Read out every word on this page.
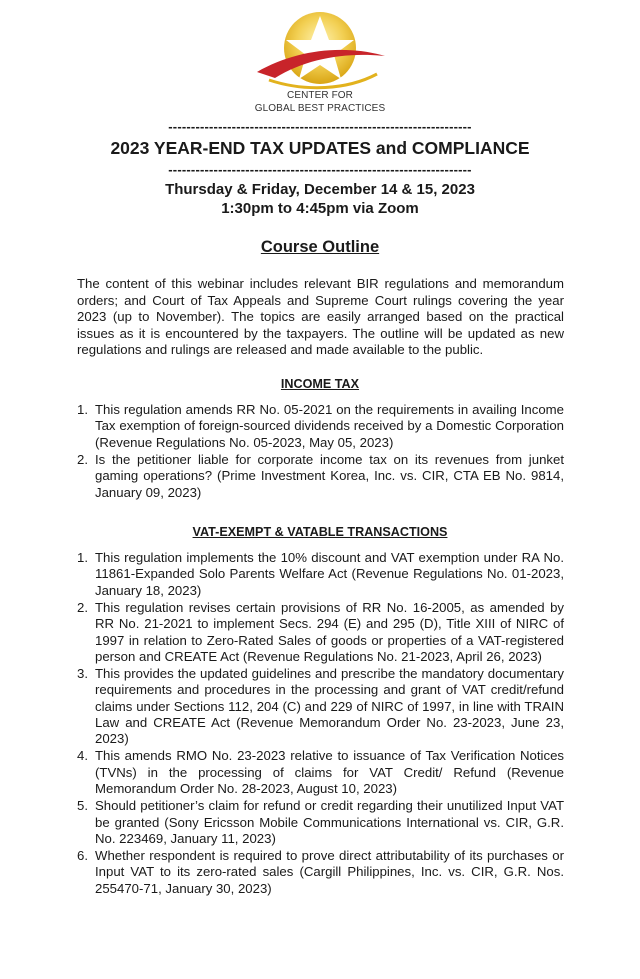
CENTER FOR
GLOBAL BEST PRACTICES
-------------------------------------------------------------------
2023 YEAR-END TAX UPDATES and COMPLIANCE
-------------------------------------------------------------------
Thursday & Friday, December 14 & 15, 2023
1:30pm to 4:45pm via Zoom
Course Outline
The content of this webinar includes relevant BIR regulations and memorandum orders; and Court of Tax Appeals and Supreme Court rulings covering the year 2023 (up to November). The topics are easily arranged based on the practical issues as it is encountered by the taxpayers. The outline will be updated as new regulations and rulings are released and made available to the public.
INCOME TAX
1. This regulation amends RR No. 05-2021 on the requirements in availing Income Tax exemption of foreign-sourced dividends received by a Domestic Corporation (Revenue Regulations No. 05-2023, May 05, 2023)
2. Is the petitioner liable for corporate income tax on its revenues from junket gaming operations? (Prime Investment Korea, Inc. vs. CIR, CTA EB No. 9814, January 09, 2023)
VAT-EXEMPT & VATABLE TRANSACTIONS
1. This regulation implements the 10% discount and VAT exemption under RA No. 11861-Expanded Solo Parents Welfare Act (Revenue Regulations No. 01-2023, January 18, 2023)
2. This regulation revises certain provisions of RR No. 16-2005, as amended by RR No. 21-2021 to implement Secs. 294 (E) and 295 (D), Title XIII of NIRC of 1997 in relation to Zero-Rated Sales of goods or properties of a VAT-registered person and CREATE Act (Revenue Regulations No. 21-2023, April 26, 2023)
3. This provides the updated guidelines and prescribe the mandatory documentary requirements and procedures in the processing and grant of VAT credit/refund claims under Sections 112, 204 (C) and 229 of NIRC of 1997, in line with TRAIN Law and CREATE Act (Revenue Memorandum Order No. 23-2023, June 23, 2023)
4. This amends RMO No. 23-2023 relative to issuance of Tax Verification Notices (TVNs) in the processing of claims for VAT Credit/ Refund (Revenue Memorandum Order No. 28-2023, August 10, 2023)
5. Should petitioner’s claim for refund or credit regarding their unutilized Input VAT be granted (Sony Ericsson Mobile Communications International vs. CIR, G.R. No. 223469, January 11, 2023)
6. Whether respondent is required to prove direct attributability of its purchases or Input VAT to its zero-rated sales (Cargill Philippines, Inc. vs. CIR, G.R. Nos. 255470-71, January 30, 2023)
